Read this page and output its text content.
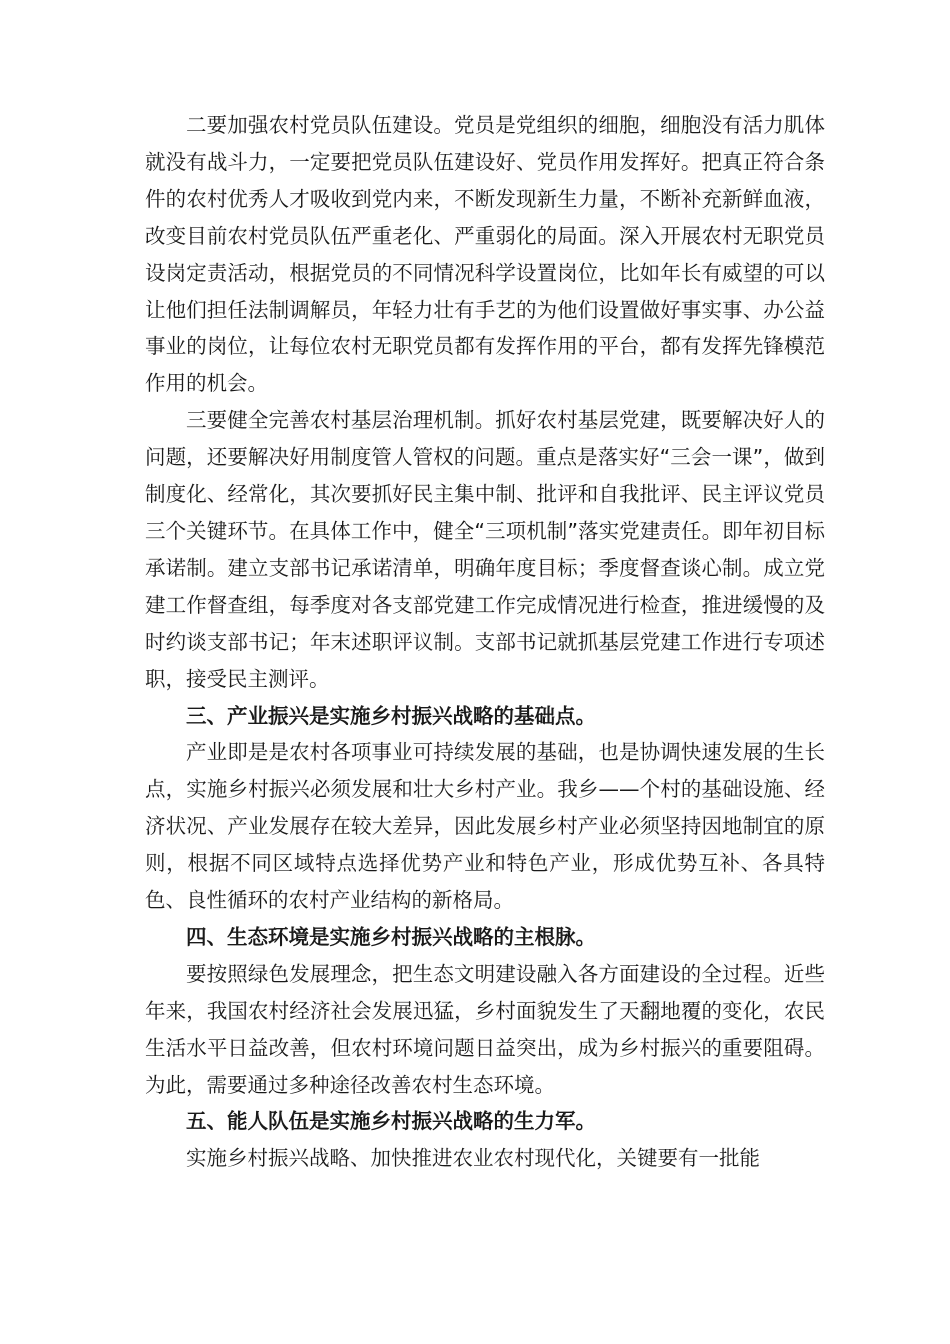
二要加强农村党员队伍建设。党员是党组织的细胞，细胞没有活力肌体就没有战斗力，一定要把党员队伍建设好、党员作用发挥好。把真正符合条件的农村优秀人才吸收到党内来，不断发现新生力量，不断补充新鲜血液，改变目前农村党员队伍严重老化、严重弱化的局面。深入开展农村无职党员设岗定责活动，根据党员的不同情况科学设置岗位，比如年长有威望的可以让他们担任法制调解员，年轻力壮有手艺的为他们设置做好事实事、办公益事业的岗位，让每位农村无职党员都有发挥作用的平台，都有发挥先锋模范作用的机会。

三要健全完善农村基层治理机制。抓好农村基层党建，既要解决好人的问题，还要解决好用制度管人管权的问题。重点是落实好“三会一课”，做到制度化、经常化，其次要抓好民主集中制、批评和自我批评、民主评议党员三个关键环节。在具体工作中，健全“三项机制”落实党建责任。即年初目标承诺制。建立支部书记承诺清单，明确年度目标；季度督查谈心制。成立党建工作督查组，每季度对各支部党建工作完成情况进行检查，推进缓慢的及时约谈支部书记；年末述职评议制。支部书记就抓基层党建工作进行专项述职，接受民主测评。

三、产业振兴是实施乡村振兴战略的基础点。

产业即是是农村各项事业可持续发展的基础，也是协调快速发展的生长点，实施乡村振兴必须发展和壮大乡村产业。我乡——个村的基础设施、经济状况、产业发展存在较大差异，因此发展乡村产业必须坚持因地制宜的原则，根据不同区域特点选择优势产业和特色产业，形成优势互补、各具特色、良性循环的农村产业结构的新格局。

四、生态环境是实施乡村振兴战略的主根脉。

要按照绿色发展理念，把生态文明建设融入各方面建设的全过程。近些年来，我国农村经济社会发展迅猛，乡村面貌发生了天翻地覆的变化，农民生活水平日益改善，但农村环境问题日益突出，成为乡村振兴的重要阻碍。为此，需要通过多种途径改善农村生态环境。

五、能人队伍是实施乡村振兴战略的生力军。

实施乡村振兴战略、加快推进农业农村现代化，关键要有一批能
